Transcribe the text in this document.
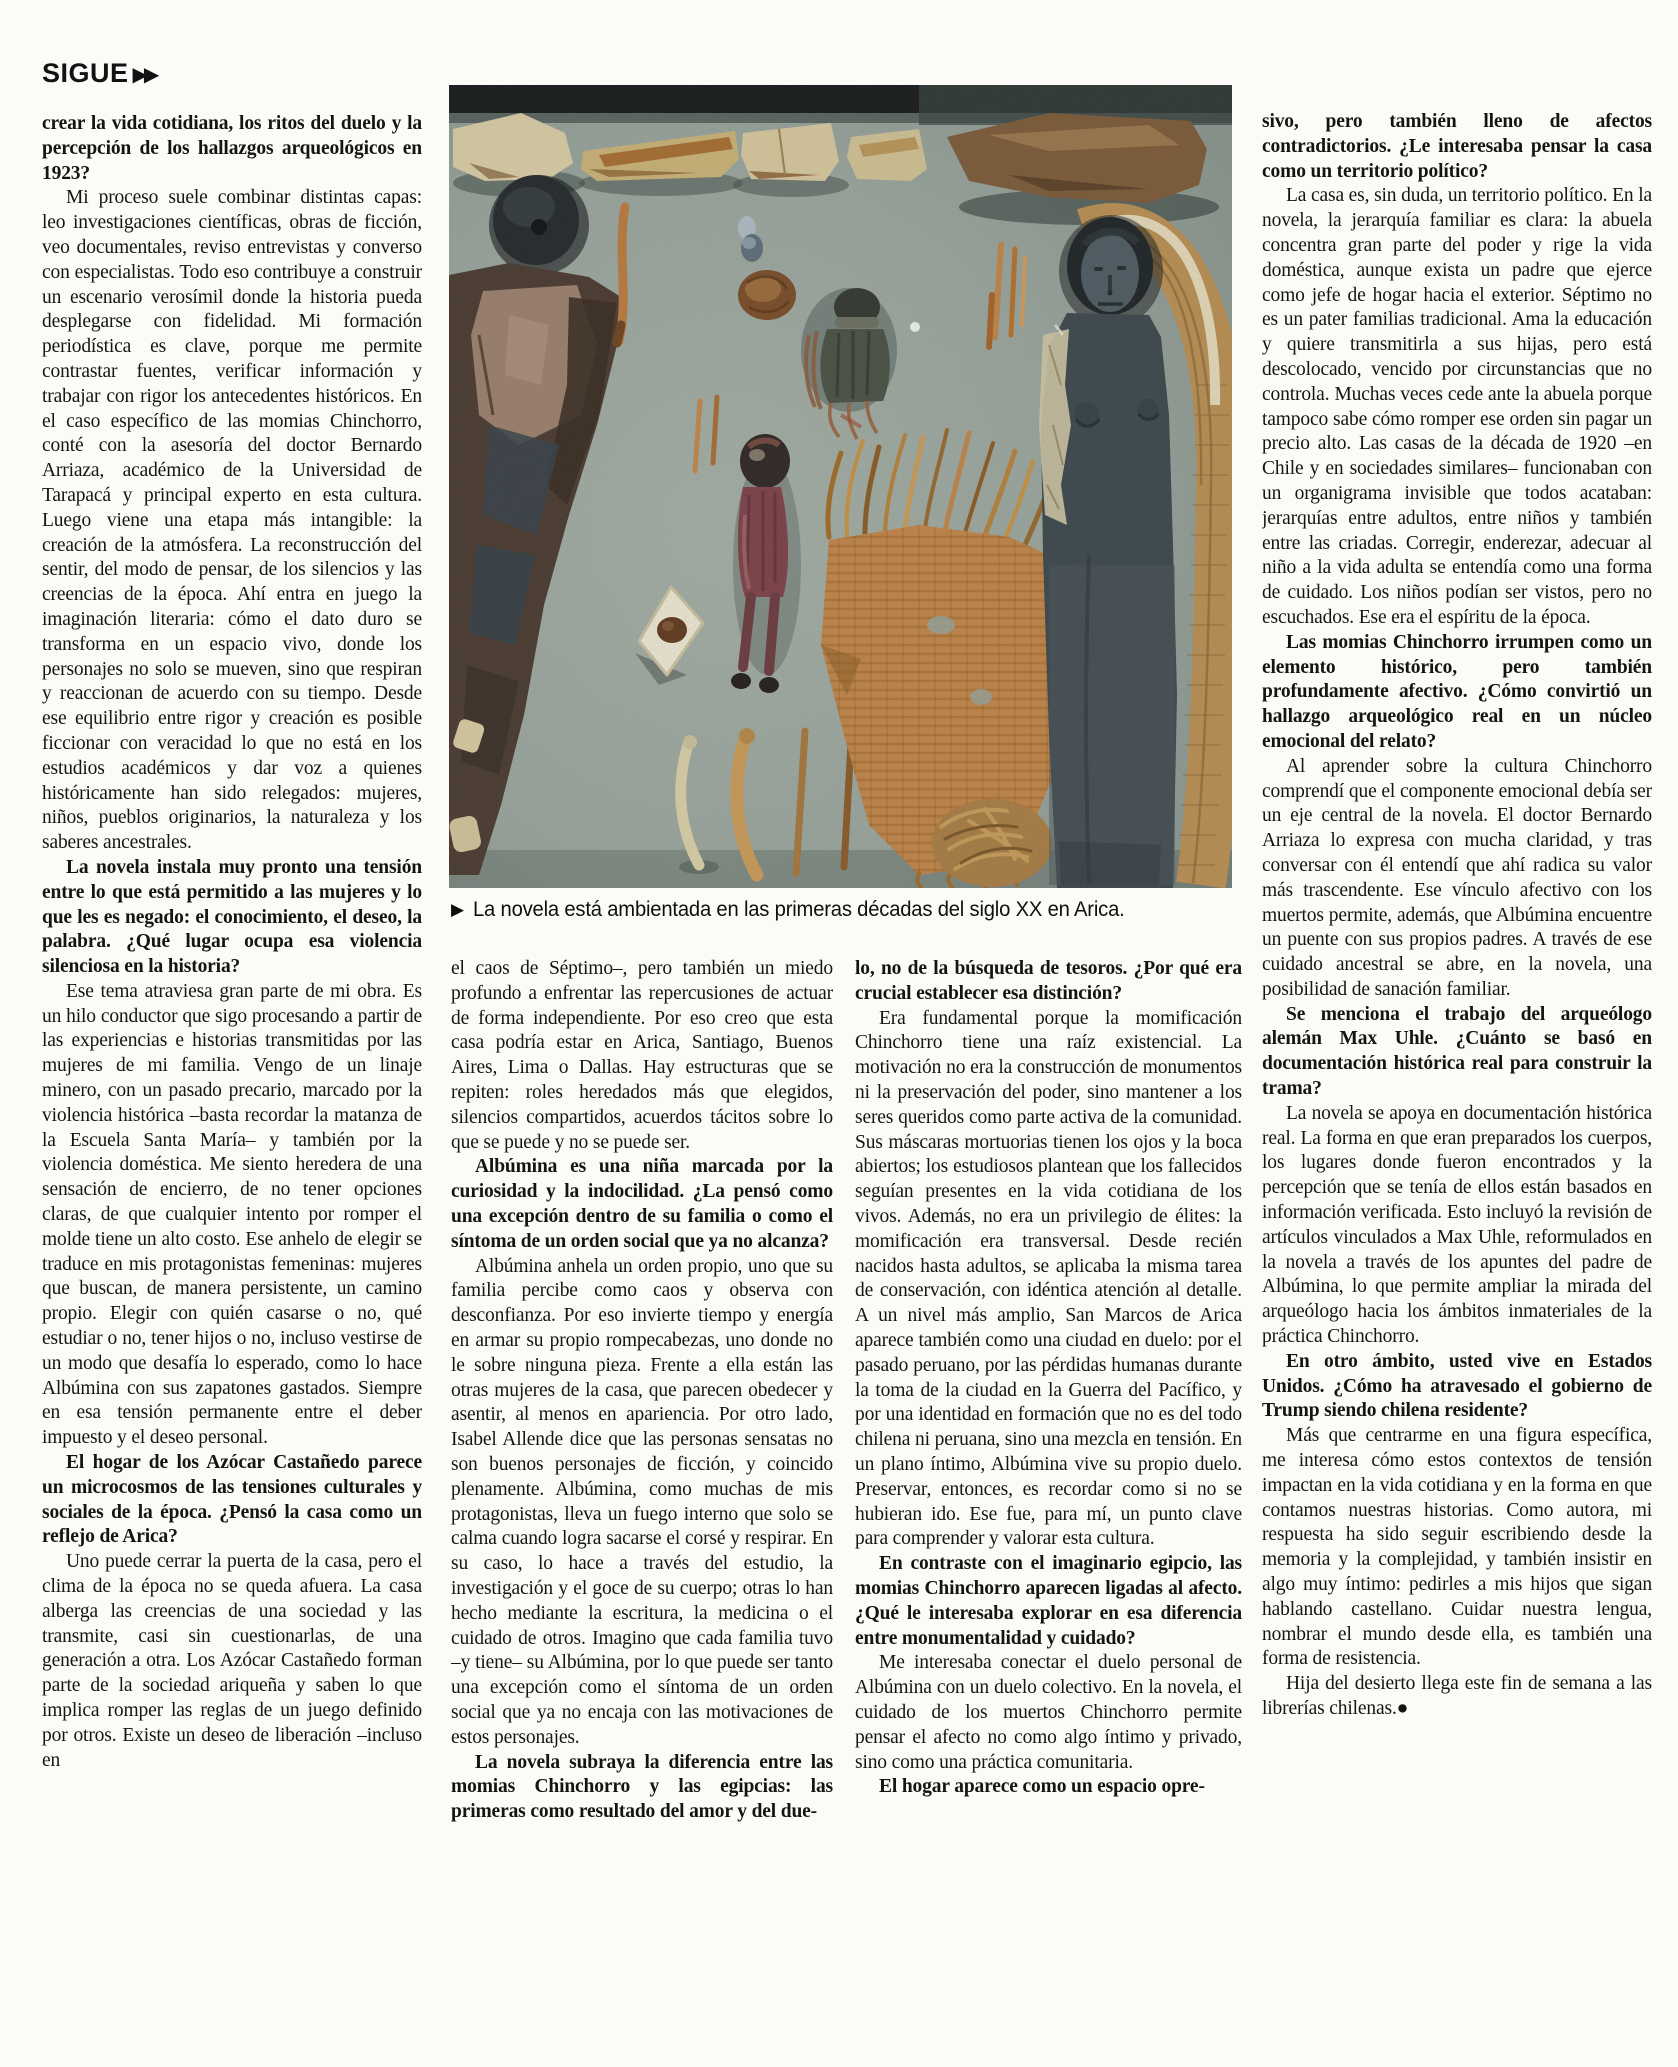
SIGUE ▶▶

crear la vida cotidiana, los ritos del duelo y la percepción de los hallazgos arqueológicos en 1923?

Mi proceso suele combinar distintas capas: leo investigaciones científicas, obras de ficción, veo documentales, reviso entrevistas y converso con especialistas. Todo eso contribuye a construir un escenario verosímil donde la historia pueda desplegarse con fidelidad. Mi formación periodística es clave, porque me permite contrastar fuentes, verificar información y trabajar con rigor los antecedentes históricos. En el caso específico de las momias Chinchorro, conté con la asesoría del doctor Bernardo Arriaza, académico de la Universidad de Tarapacá y principal experto en esta cultura. Luego viene una etapa más intangible: la creación de la atmósfera. La reconstrucción del sentir, del modo de pensar, de los silencios y las creencias de la época. Ahí entra en juego la imaginación literaria: cómo el dato duro se transforma en un espacio vivo, donde los personajes no solo se mueven, sino que respiran y reaccionan de acuerdo con su tiempo. Desde ese equilibrio entre rigor y creación es posible ficcionar con veracidad lo que no está en los estudios académicos y dar voz a quienes históricamente han sido relegados: mujeres, niños, pueblos originarios, la naturaleza y los saberes ancestrales.

La novela instala muy pronto una tensión entre lo que está permitido a las mujeres y lo que les es negado: el conocimiento, el deseo, la palabra. ¿Qué lugar ocupa esa violencia silenciosa en la historia?

Ese tema atraviesa gran parte de mi obra. Es un hilo conductor que sigo procesando a partir de las experiencias e historias transmitidas por las mujeres de mi familia. Vengo de un linaje minero, con un pasado precario, marcado por la violencia histórica –basta recordar la matanza de la Escuela Santa María– y también por la violencia doméstica. Me siento heredera de una sensación de encierro, de no tener opciones claras, de que cualquier intento por romper el molde tiene un alto costo. Ese anhelo de elegir se traduce en mis protagonistas femeninas: mujeres que buscan, de manera persistente, un camino propio. Elegir con quién casarse o no, qué estudiar o no, tener hijos o no, incluso vestirse de un modo que desafía lo esperado, como lo hace Albúmina con sus zapatones gastados. Siempre en esa tensión permanente entre el deber impuesto y el deseo personal.

El hogar de los Azócar Castañedo parece un microcosmos de las tensiones culturales y sociales de la época. ¿Pensó la casa como un reflejo de Arica?

Uno puede cerrar la puerta de la casa, pero el clima de la época no se queda afuera. La casa alberga las creencias de una sociedad y las transmite, casi sin cuestionarlas, de una generación a otra. Los Azócar Castañedo forman parte de la sociedad ariqueña y saben lo que implica romper las reglas de un juego definido por otros. Existe un deseo de liberación –incluso en

▶ La novela está ambientada en las primeras décadas del siglo XX en Arica.

el caos de Séptimo–, pero también un miedo profundo a enfrentar las repercusiones de actuar de forma independiente. Por eso creo que esta casa podría estar en Arica, Santiago, Buenos Aires, Lima o Dallas. Hay estructuras que se repiten: roles heredados más que elegidos, silencios compartidos, acuerdos tácitos sobre lo que se puede y no se puede ser.

Albúmina es una niña marcada por la curiosidad y la indocilidad. ¿La pensó como una excepción dentro de su familia o como el síntoma de un orden social que ya no alcanza?

Albúmina anhela un orden propio, uno que su familia percibe como caos y observa con desconfianza. Por eso invierte tiempo y energía en armar su propio rompecabezas, uno donde no le sobre ninguna pieza. Frente a ella están las otras mujeres de la casa, que parecen obedecer y asentir, al menos en apariencia. Por otro lado, Isabel Allende dice que las personas sensatas no son buenos personajes de ficción, y coincido plenamente. Albúmina, como muchas de mis protagonistas, lleva un fuego interno que solo se calma cuando logra sacarse el corsé y respirar. En su caso, lo hace a través del estudio, la investigación y el goce de su cuerpo; otras lo han hecho mediante la escritura, la medicina o el cuidado de otros. Imagino que cada familia tuvo –y tiene– su Albúmina, por lo que puede ser tanto una excepción como el síntoma de un orden social que ya no encaja con las motivaciones de estos personajes.

La novela subraya la diferencia entre las momias Chinchorro y las egipcias: las primeras como resultado del amor y del due-

lo, no de la búsqueda de tesoros. ¿Por qué era crucial establecer esa distinción?

Era fundamental porque la momificación Chinchorro tiene una raíz existencial. La motivación no era la construcción de monumentos ni la preservación del poder, sino mantener a los seres queridos como parte activa de la comunidad. Sus máscaras mortuorias tienen los ojos y la boca abiertos; los estudiosos plantean que los fallecidos seguían presentes en la vida cotidiana de los vivos. Además, no era un privilegio de élites: la momificación era transversal. Desde recién nacidos hasta adultos, se aplicaba la misma tarea de conservación, con idéntica atención al detalle. A un nivel más amplio, San Marcos de Arica aparece también como una ciudad en duelo: por el pasado peruano, por las pérdidas humanas durante la toma de la ciudad en la Guerra del Pacífico, y por una identidad en formación que no es del todo chilena ni peruana, sino una mezcla en tensión. En un plano íntimo, Albúmina vive su propio duelo. Preservar, entonces, es recordar como si no se hubieran ido. Ese fue, para mí, un punto clave para comprender y valorar esta cultura.

En contraste con el imaginario egipcio, las momias Chinchorro aparecen ligadas al afecto. ¿Qué le interesaba explorar en esa diferencia entre monumentalidad y cuidado?

Me interesaba conectar el duelo personal de Albúmina con un duelo colectivo. En la novela, el cuidado de los muertos Chinchorro permite pensar el afecto no como algo íntimo y privado, sino como una práctica comunitaria.

El hogar aparece como un espacio opre-

sivo, pero también lleno de afectos contradictorios. ¿Le interesaba pensar la casa como un territorio político?

La casa es, sin duda, un territorio político. En la novela, la jerarquía familiar es clara: la abuela concentra gran parte del poder y rige la vida doméstica, aunque exista un padre que ejerce como jefe de hogar hacia el exterior. Séptimo no es un pater familias tradicional. Ama la educación y quiere transmitirla a sus hijas, pero está descolocado, vencido por circunstancias que no controla. Muchas veces cede ante la abuela porque tampoco sabe cómo romper ese orden sin pagar un precio alto. Las casas de la década de 1920 –en Chile y en sociedades similares– funcionaban con un organigrama invisible que todos acataban: jerarquías entre adultos, entre niños y también entre las criadas. Corregir, enderezar, adecuar al niño a la vida adulta se entendía como una forma de cuidado. Los niños podían ser vistos, pero no escuchados. Ese era el espíritu de la época.

Las momias Chinchorro irrumpen como un elemento histórico, pero también profundamente afectivo. ¿Cómo convirtió un hallazgo arqueológico real en un núcleo emocional del relato?

Al aprender sobre la cultura Chinchorro comprendí que el componente emocional debía ser un eje central de la novela. El doctor Bernardo Arriaza lo expresa con mucha claridad, y tras conversar con él entendí que ahí radica su valor más trascendente. Ese vínculo afectivo con los muertos permite, además, que Albúmina encuentre un puente con sus propios padres. A través de ese cuidado ancestral se abre, en la novela, una posibilidad de sanación familiar.

Se menciona el trabajo del arqueólogo alemán Max Uhle. ¿Cuánto se basó en documentación histórica real para construir la trama?

La novela se apoya en documentación histórica real. La forma en que eran preparados los cuerpos, los lugares donde fueron encontrados y la percepción que se tenía de ellos están basados en información verificada. Esto incluyó la revisión de artículos vinculados a Max Uhle, reformulados en la novela a través de los apuntes del padre de Albúmina, lo que permite ampliar la mirada del arqueólogo hacia los ámbitos inmateriales de la práctica Chinchorro.

En otro ámbito, usted vive en Estados Unidos. ¿Cómo ha atravesado el gobierno de Trump siendo chilena residente?

Más que centrarme en una figura específica, me interesa cómo estos contextos de tensión impactan en la vida cotidiana y en la forma en que contamos nuestras historias. Como autora, mi respuesta ha sido seguir escribiendo desde la memoria y la complejidad, y también insistir en algo muy íntimo: pedirles a mis hijos que sigan hablando castellano. Cuidar nuestra lengua, nombrar el mundo desde ella, es también una forma de resistencia.

Hija del desierto llega este fin de semana a las librerías chilenas.●
